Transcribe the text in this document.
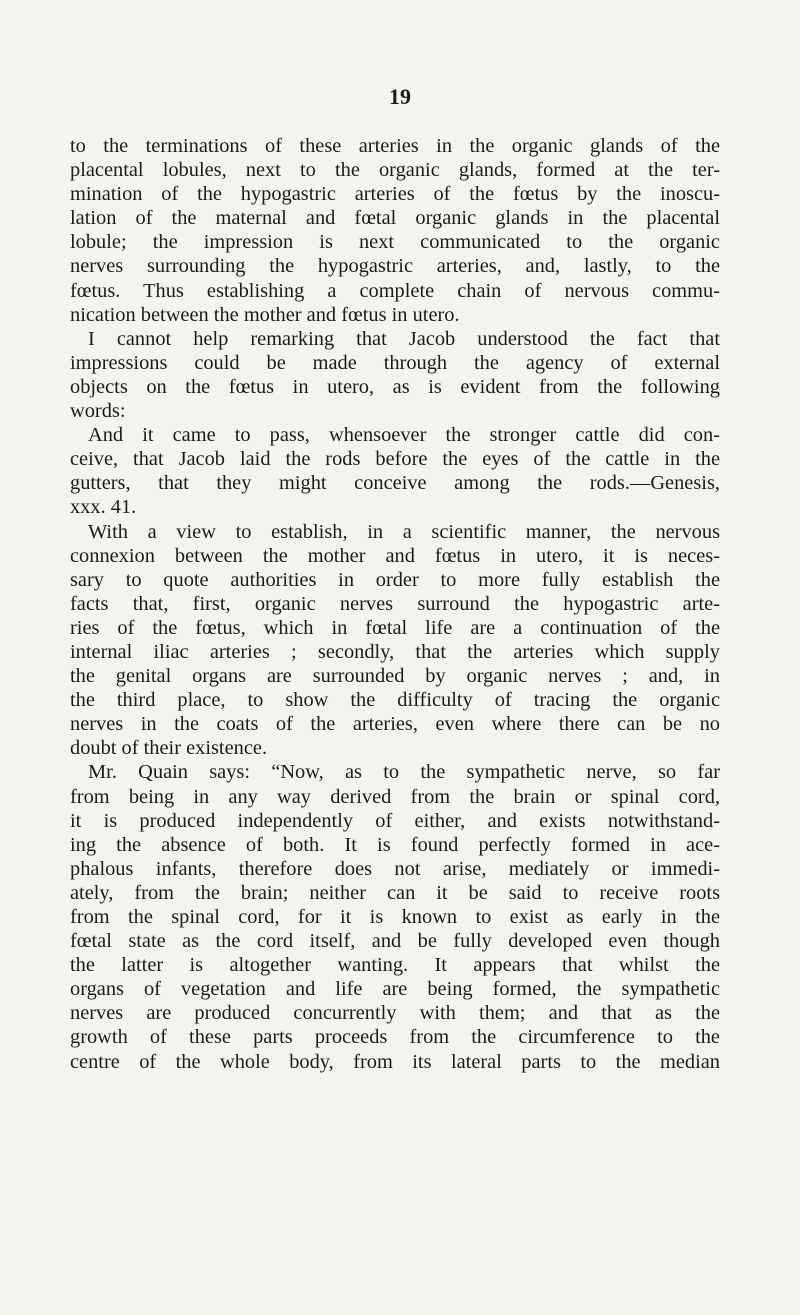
19
to the terminations of these arteries in the organic glands of the
placental lobules, next to the organic glands, formed at the ter-
mination of the hypogastric arteries of the fœtus by the inoscu-
lation of the maternal and fœtal organic glands in the placental
lobule; the impression is next communicated to the organic
nerves surrounding the hypogastric arteries, and, lastly, to the
fœtus. Thus establishing a complete chain of nervous commu-
nication between the mother and fœtus in utero.
I cannot help remarking that Jacob understood the fact that
impressions could be made through the agency of external
objects on the fœtus in utero, as is evident from the following
words:
And it came to pass, whensoever the stronger cattle did con-
ceive, that Jacob laid the rods before the eyes of the cattle in the
gutters, that they might conceive among the rods.—Genesis,
xxx. 41.
With a view to establish, in a scientific manner, the nervous
connexion between the mother and fœtus in utero, it is neces-
sary to quote authorities in order to more fully establish the
facts that, first, organic nerves surround the hypogastric arte-
ries of the fœtus, which in fœtal life are a continuation of the
internal iliac arteries ; secondly, that the arteries which supply
the genital organs are surrounded by organic nerves ; and, in
the third place, to show the difficulty of tracing the organic
nerves in the coats of the arteries, even where there can be no
doubt of their existence.
Mr. Quain says: “Now, as to the sympathetic nerve, so far
from being in any way derived from the brain or spinal cord,
it is produced independently of either, and exists notwithstand-
ing the absence of both. It is found perfectly formed in ace-
phalous infants, therefore does not arise, mediately or immedi-
ately, from the brain; neither can it be said to receive roots
from the spinal cord, for it is known to exist as early in the
fœtal state as the cord itself, and be fully developed even though
the latter is altogether wanting. It appears that whilst the
organs of vegetation and life are being formed, the sympathetic
nerves are produced concurrently with them; and that as the
growth of these parts proceeds from the circumference to the
centre of the whole body, from its lateral parts to the median
